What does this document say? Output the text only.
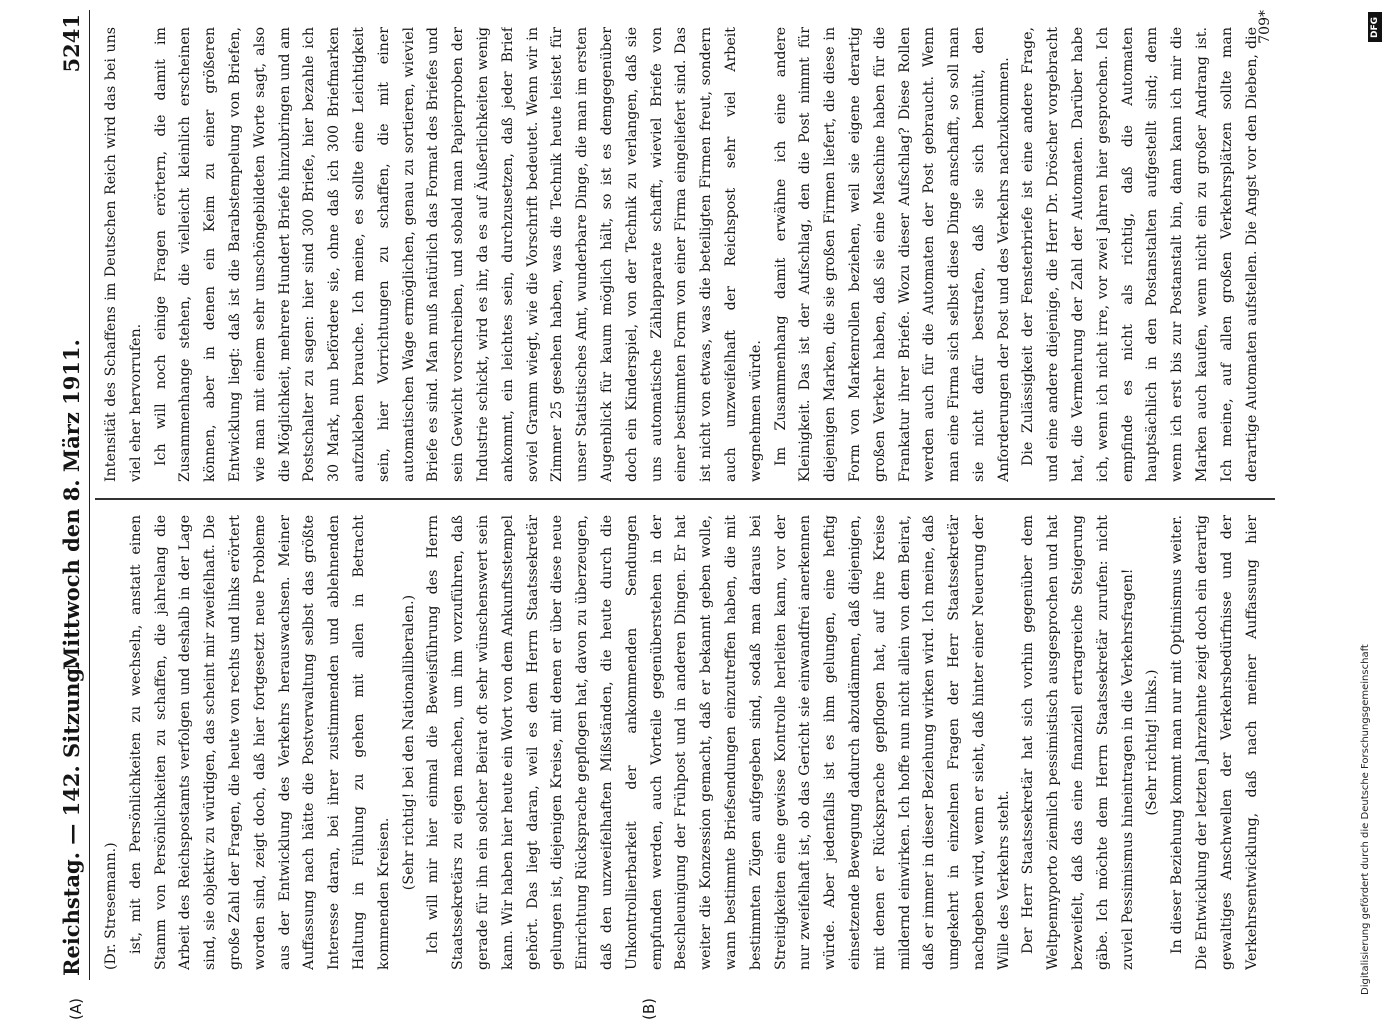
Reichstag. — 142. Sitzung.
Mittwoch den 8. März 1911.
5241
(A)	(B)

(Dr. Stresemann.) ist, mit den Persönlichkeiten zu wechseln, anstatt einen Stamm von Persönlichkeiten zu schaffen, die jahrelang die Arbeit des Reichspostamts verfolgen und deshalb in der Lage sind, sie objektiv zu würdigen, das scheint mir zweifelhaft. Die große Zahl der Fragen, die heute von rechts und links erörtert worden sind, zeigt doch, daß hier fortgesetzt neue Probleme aus der Entwicklung des Verkehrs herauswachsen. Meiner Auffassung nach hätte die Postverwaltung selbst das größte Interesse daran, bei ihrer zustimmenden und ablehnenden Haltung in Fühlung zu gehen mit allen in Betracht kommenden Kreisen.

(Sehr richtig! bei den Nationalliberalen.) Ich will mir hier einmal die Beweisführung des Herrn Staatssekretärs zu eigen machen, um ihm vorzuführen, daß gerade für ihn ein solcher Beirat oft sehr wünschenswert sein kann. Wir haben hier heute ein Wort von dem Ankunftsstempel gehört. Das liegt daran, weil es dem Herrn Staatssekretär gelungen ist, diejenigen Kreise, mit denen er über diese neue Einrichtung Rücksprache gepflogen hat, davon zu überzeugen, daß den unzweifelhaften Mißständen, die heute durch die Unkontrollierbarkeit der ankommenden Sendungen empfunden werden, auch Vorteile gegenüberstehen in der Beschleunigung der Frühpost und in anderen Dingen. Er hat weiter die Konzession gemacht, daß er bekannt geben wolle, wann bestimmte Briefsendungen einzutreffen haben, die mit bestimmten Zügen aufgegeben sind, sodaß man daraus bei Streitigkeiten eine gewisse Kontrolle herleiten kann, vor der nur zweifelhaft ist, ob das Gericht sie einwandfrei anerkennen würde. Aber jedenfalls ist es ihm gelungen, eine heftig einsetzende Bewegung dadurch abzudämmen, daß diejenigen, mit denen er Rücksprache gepflogen hat, auf ihre Kreise mildernd einwirken. Ich hoffe nun nicht allein von dem Beirat, daß er immer in dieser Beziehung wirken wird. Ich meine, daß umgekehrt in einzelnen Fragen der Herr Staatssekretär nachgeben wird, wenn er sieht, daß hinter einer Neuerung der Wille des Verkehrs steht. Der Herr Staatssekretär hat sich vorhin gegenüber dem Weltpennyporto ziemlich pessimistisch ausgesprochen und hat bezweifelt, daß das eine finanziell ertragreiche Steigerung gäbe. Ich möchte dem Herrn Staatssekretär zurufen: nicht zuviel Pessimismus hineintragen in die Verkehrsfragen! (Sehr richtig! links.)

In dieser Beziehung kommt man nur mit Optimismus weiter. Die Entwicklung der letzten Jahrzehnte zeigt doch ein derartig gewaltiges Anschwellen der Verkehrsbedürfnisse und der Verkehrsentwicklung, daß nach meiner Auffassung hier

Intensität des Schaffens im Deutschen Reich wird das bei uns viel eher hervorrufen. Ich will noch einige Fragen erörtern, die damit im Zusammenhange stehen, die vielleicht kleinlich erscheinen können, aber in denen ein Keim zu einer größeren Entwicklung liegt: daß ist die Barabstempelung von Briefen, wie man mit einem sehr unschöngebildeten Worte sagt, also die Möglichkeit, mehrere Hundert Briefe hinzubringen und am Postschalter zu sagen: hier sind 300 Briefe, hier bezahle ich 30 Mark, nun befördere sie, ohne daß ich 300 Briefmarken aufzukleben brauche. Ich meine, es sollte eine Leichtigkeit sein, hier Vorrichtungen zu schaffen, die mit einer automatischen Wage ermöglichen, genau zu sortieren, wieviel Briefe es sind. Man muß natürlich das Format des Briefes und sein Gewicht vorschreiben, und sobald man Papierproben der Industrie schickt, wird es ihr, da es auf Äußerlichkeiten wenig ankommt, ein leichtes sein, durchzusetzen, daß jeder Brief soviel Gramm wiegt, wie die Vorschrift bedeutet. Wenn wir in Zimmer 25 gesehen haben, was die Technik heute leistet für unser Statistisches Amt, wunderbare Dinge, die man im ersten Augenblick für kaum möglich hält, so ist es demgegenüber doch ein Kinderspiel, von der Technik zu verlangen, daß sie uns automatische Zählapparate schafft, wieviel Briefe von einer bestimmten Form von einer Firma eingeliefert sind. Das ist nicht von etwas, was die beteiligten Firmen freut, sondern auch unzweifelhaft der Reichspost sehr viel Arbeit wegnehmen würde. Im Zusammenhang damit erwähne ich eine andere Kleinigkeit. Das ist der Aufschlag, den die Post nimmt für diejenigen Marken, die sie großen Firmen liefert, die diese in Form von Markenrollen beziehen, weil sie eigene derartig großen Verkehr haben, daß sie eine Maschine haben für die Frankatur ihrer Briefe. Wozu dieser Aufschlag? Diese Rollen werden auch für die Automaten der Post gebraucht. Wenn man eine Firma sich selbst diese Dinge anschafft, so soll man sie nicht dafür bestrafen, daß sie sich bemüht, den Anforderungen der Post und des Verkehrs nachzukommen. Die Zulässigkeit der Fensterbriefe ist eine andere Frage, und eine andere diejenige, die Herr Dr. Dröscher vorgebracht hat, die Vermehrung der Zahl der Automaten. Darüber habe ich, wenn ich nicht irre, vor zwei Jahren hier gesprochen. Ich empfinde es nicht als richtig, daß die Automaten hauptsächlich in den Postanstalten aufgestellt sind; denn wenn ich erst bis zur Postanstalt bin, dann kann ich mir die Marken auch kaufen, wenn nicht ein zu großer Andrang ist. Ich meine, auf allen großen Verkehrsplätzen sollte man derartige Automaten aufstellen. Die Angst vor den Dieben, die

709*
Digitalisierung gefördert durch die Deutsche Forschungsgemeinschaft
DFG
